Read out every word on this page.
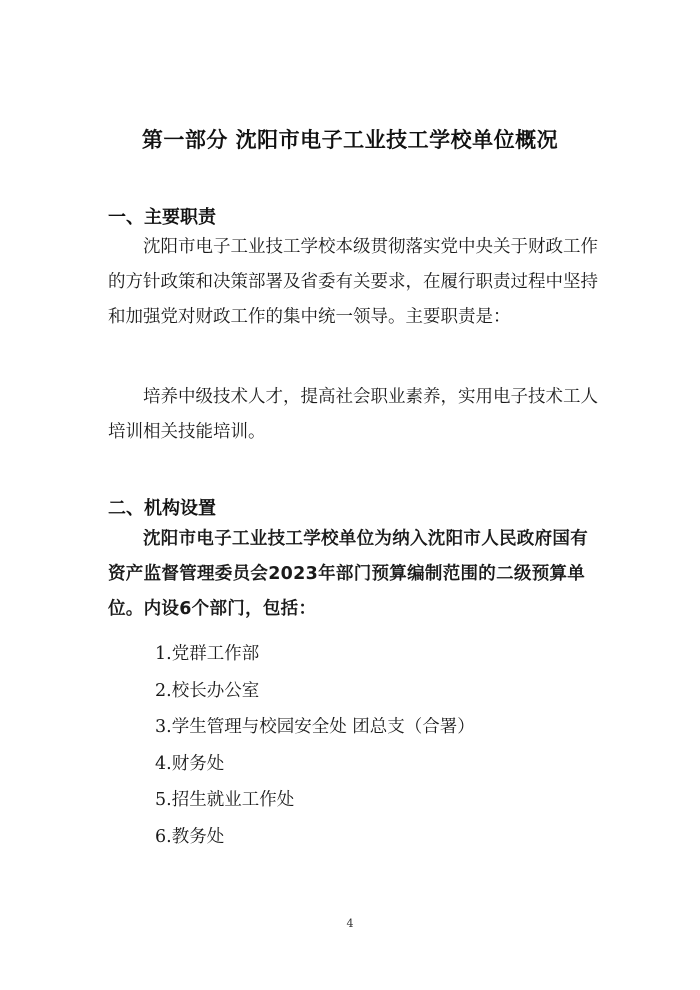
第一部分 沈阳市电子工业技工学校单位概况
一、主要职责

沈阳市电子工业技工学校本级贯彻落实党中央关于财政工作的方针政策和决策部署及省委有关要求，在履行职责过程中坚持和加强党对财政工作的集中统一领导。主要职责是：

培养中级技术人才，提高社会职业素养，实用电子技术工人培训相关技能培训。

二、机构设置

沈阳市电子工业技工学校单位为纳入沈阳市人民政府国有资产监督管理委员会2023年部门预算编制范围的二级预算单位。内设6个部门，包括：

1.党群工作部
2.校长办公室
3.学生管理与校园安全处 团总支（合署）
4.财务处
5.招生就业工作处
6.教务处
4
